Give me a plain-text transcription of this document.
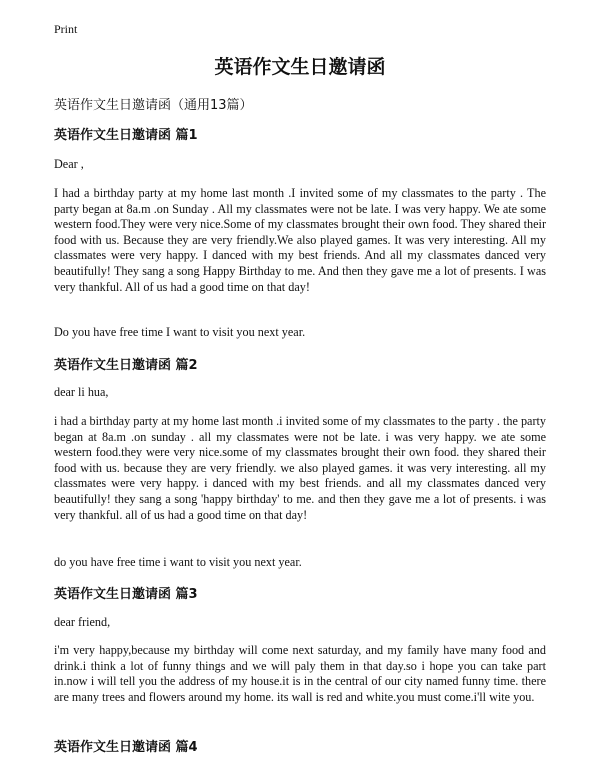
Print
英语作文生日邀请函
英语作文生日邀请函（通用13篇）
英语作文生日邀请函 篇1

Dear ,

I had a birthday party at my home last month .I invited some of my classmates to the party . The party began at 8a.m .on Sunday . All my classmates were not be late. I was very happy. We ate some western food.They were very nice.Some of my classmates brought their own food. They shared their food with us. Because they are very friendly.We also played games. It was very interesting. All my classmates were very happy. I danced with my best friends. And all my classmates danced very beautifully! They sang a song Happy Birthday to me. And then they gave me a lot of presents. I was very thankful. All of us had a good time on that day!

Do you have free time I want to visit you next year.

英语作文生日邀请函 篇2

dear li hua,

i had a birthday party at my home last month .i invited some of my classmates to the party . the party began at 8a.m .on sunday . all my classmates were not be late. i was very happy. we ate some western food.they were very nice.some of my classmates brought their own food. they shared their food with us. because they are very friendly. we also played games. it was very interesting. all my classmates were very happy. i danced with my best friends. and all my classmates danced very beautifully! they sang a song 'happy birthday' to me. and then they gave me a lot of presents. i was very thankful. all of us had a good time on that day!

do you have free time i want to visit you next year.

英语作文生日邀请函 篇3

dear friend,

i'm very happy,because my birthday will come next saturday, and my family have many food and drink.i think a lot of funny things and we will paly them in that day.so i hope you can take part in.now i will tell you the address of my house.it is in the central of our city named funny time. there are many trees and flowers around my home. its wall is red and white.you must come.i'll wite you.

英语作文生日邀请函 篇4
